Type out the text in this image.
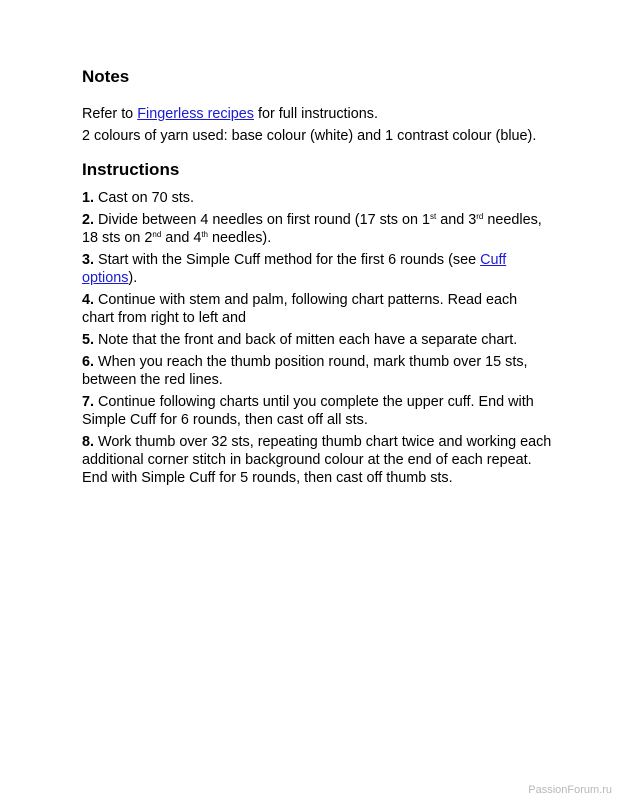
Notes

Refer to Fingerless recipes for full instructions.

2 colours of yarn used: base colour (white) and 1 contrast colour (blue).

Instructions

1. Cast on 70 sts.

2. Divide between 4 needles on first round (17 sts on 1st and 3rd needles, 18 sts on 2nd and 4th needles).

3. Start with the Simple Cuff method for the first 6 rounds (see Cuff options).

4. Continue with stem and palm, following chart patterns. Read each chart from right to left and

5. Note that the front and back of mitten each have a separate chart.

6. When you reach the thumb position round, mark thumb over 15 sts, between the red lines.

7. Continue following charts until you complete the upper cuff. End with Simple Cuff for 6 rounds, then cast off all sts.

8. Work thumb over 32 sts, repeating thumb chart twice and working each additional corner stitch in background colour at the end of each repeat. End with Simple Cuff for 5 rounds, then cast off thumb sts.

PassionForum.ru
